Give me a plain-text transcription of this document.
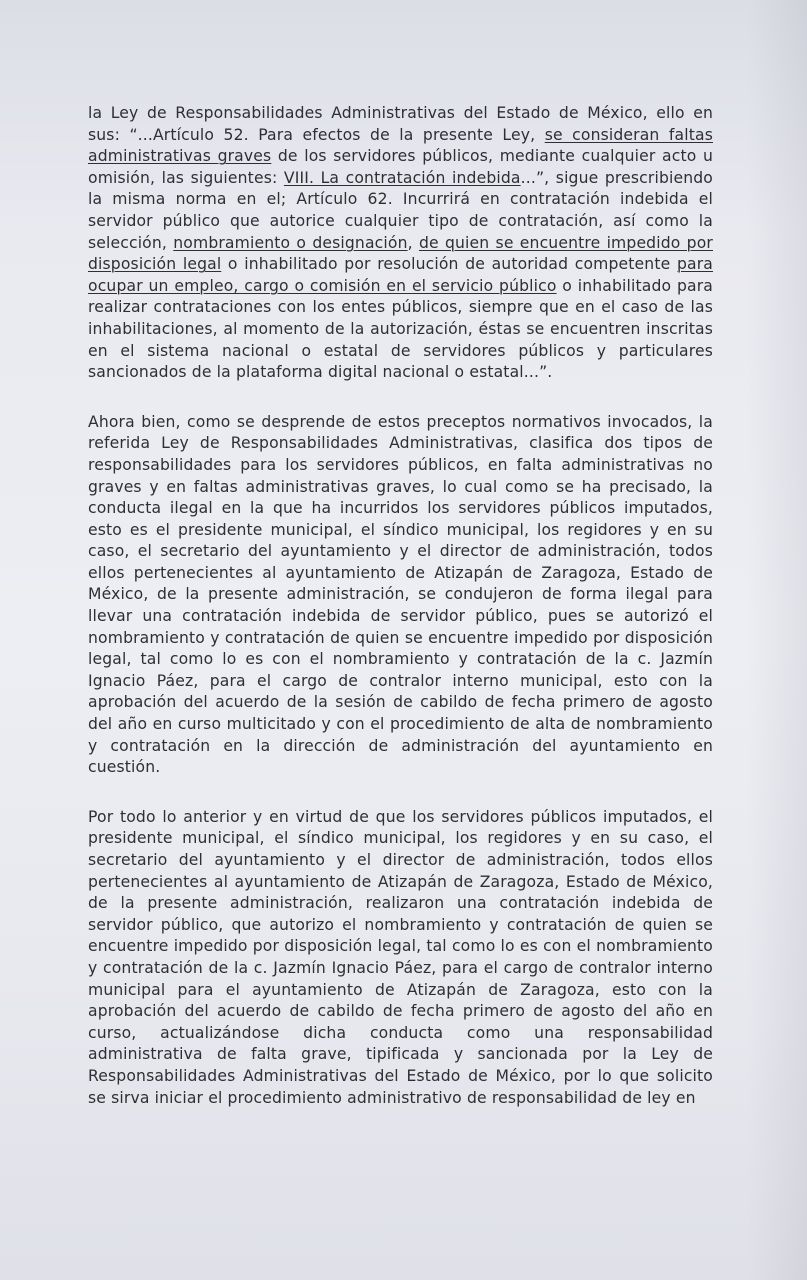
la Ley de Responsabilidades Administrativas del Estado de México, ello en sus: “...Artículo 52. Para efectos de la presente Ley, se consideran faltas administrativas graves de los servidores públicos, mediante cualquier acto u omisión, las siguientes: VIII. La contratación indebida...”, sigue prescribiendo la misma norma en el; Artículo 62. Incurrirá en contratación indebida el servidor público que autorice cualquier tipo de contratación, así como la selección, nombramiento o designación, de quien se encuentre impedido por disposición legal o inhabilitado por resolución de autoridad competente para ocupar un empleo, cargo o comisión en el servicio público o inhabilitado para realizar contrataciones con los entes públicos, siempre que en el caso de las inhabilitaciones, al momento de la autorización, éstas se encuentren inscritas en el sistema nacional o estatal de servidores públicos y particulares sancionados de la plataforma digital nacional o estatal...”.

Ahora bien, como se desprende de estos preceptos normativos invocados, la referida Ley de Responsabilidades Administrativas, clasifica dos tipos de responsabilidades para los servidores públicos, en falta administrativas no graves y en faltas administrativas graves, lo cual como se ha precisado, la conducta ilegal en la que ha incurridos los servidores públicos imputados, esto es el presidente municipal, el síndico municipal, los regidores y en su caso, el secretario del ayuntamiento y el director de administración, todos ellos pertenecientes al ayuntamiento de Atizapán de Zaragoza, Estado de México, de la presente administración, se condujeron de forma ilegal para llevar una contratación indebida de servidor público, pues se autorizó el nombramiento y contratación de quien se encuentre impedido por disposición legal, tal como lo es con el nombramiento y contratación de la c. Jazmín Ignacio Páez, para el cargo de contralor interno municipal, esto con la aprobación del acuerdo de la sesión de cabildo de fecha primero de agosto del año en curso multicitado y con el procedimiento de alta de nombramiento y contratación en la dirección de administración del ayuntamiento en cuestión.

Por todo lo anterior y en virtud de que los servidores públicos imputados, el presidente municipal, el síndico municipal, los regidores y en su caso, el secretario del ayuntamiento y el director de administración, todos ellos pertenecientes al ayuntamiento de Atizapán de Zaragoza, Estado de México, de la presente administración, realizaron una contratación indebida de servidor público, que autorizo el nombramiento y contratación de quien se encuentre impedido por disposición legal, tal como lo es con el nombramiento y contratación de la c. Jazmín Ignacio Páez, para el cargo de contralor interno municipal para el ayuntamiento de Atizapán de Zaragoza, esto con la aprobación del acuerdo de cabildo de fecha primero de agosto del año en curso, actualizándose dicha conducta como una responsabilidad administrativa de falta grave, tipificada y sancionada por la Ley de Responsabilidades Administrativas del Estado de México, por lo que solicito se sirva iniciar el procedimiento administrativo de responsabilidad de ley en
